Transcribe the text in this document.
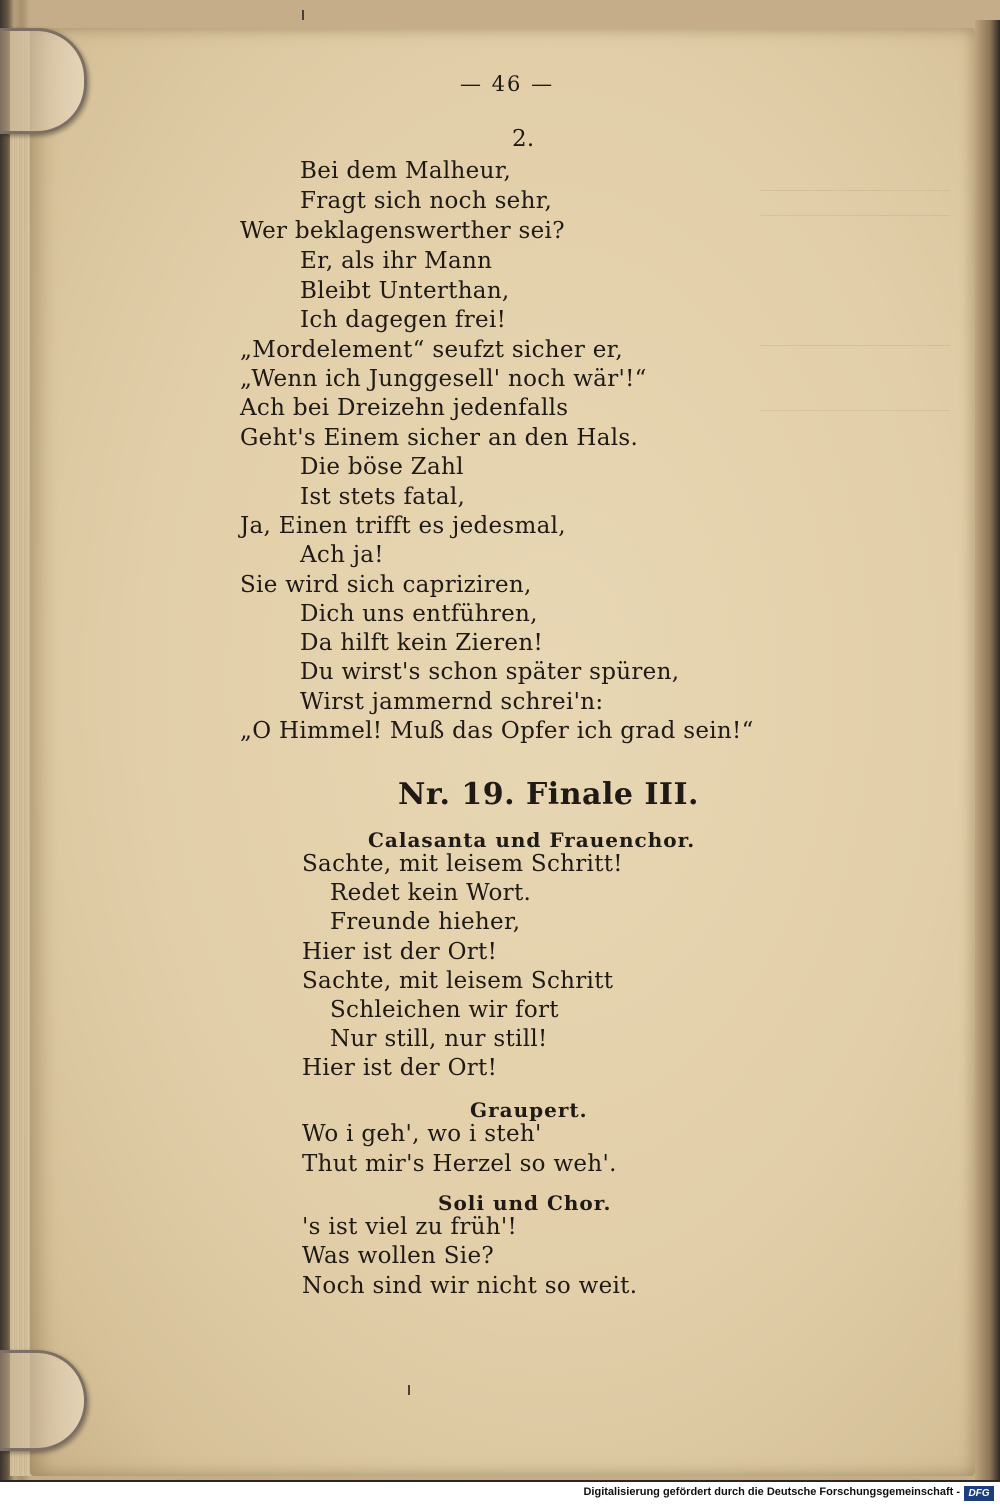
— 46 —
2.
Bei dem Malheur,
Fragt sich noch sehr,
Wer beklagenswerther sei?
Er, als ihr Mann
Bleibt Unterthan,
Ich dagegen frei!
„Mordelement“ seufzt sicher er,
„Wenn ich Junggesell' noch wär'!“
Ach bei Dreizehn jedenfalls
Geht's Einem sicher an den Hals.
Die böse Zahl
Ist stets fatal,
Ja, Einen trifft es jedesmal,
Ach ja!
Sie wird sich capriziren,
Dich uns entführen,
Da hilft kein Zieren!
Du wirst's schon später spüren,
Wirst jammernd schrei'n:
„O Himmel! Muß das Opfer ich grad sein!“
Nr. 19. Finale III.
Calasanta und Frauenchor.
Sachte, mit leisem Schritt!
Redet kein Wort.
Freunde hieher,
Hier ist der Ort!
Sachte, mit leisem Schritt
Schleichen wir fort
Nur still, nur still!
Hier ist der Ort!
Graupert.
Wo i geh', wo i steh'
Thut mir's Herzel so weh'.
Soli und Chor.
's ist viel zu früh'!
Was wollen Sie?
Noch sind wir nicht so weit.
Digitalisierung gefördert durch die Deutsche Forschungsgemeinschaft - DFG
